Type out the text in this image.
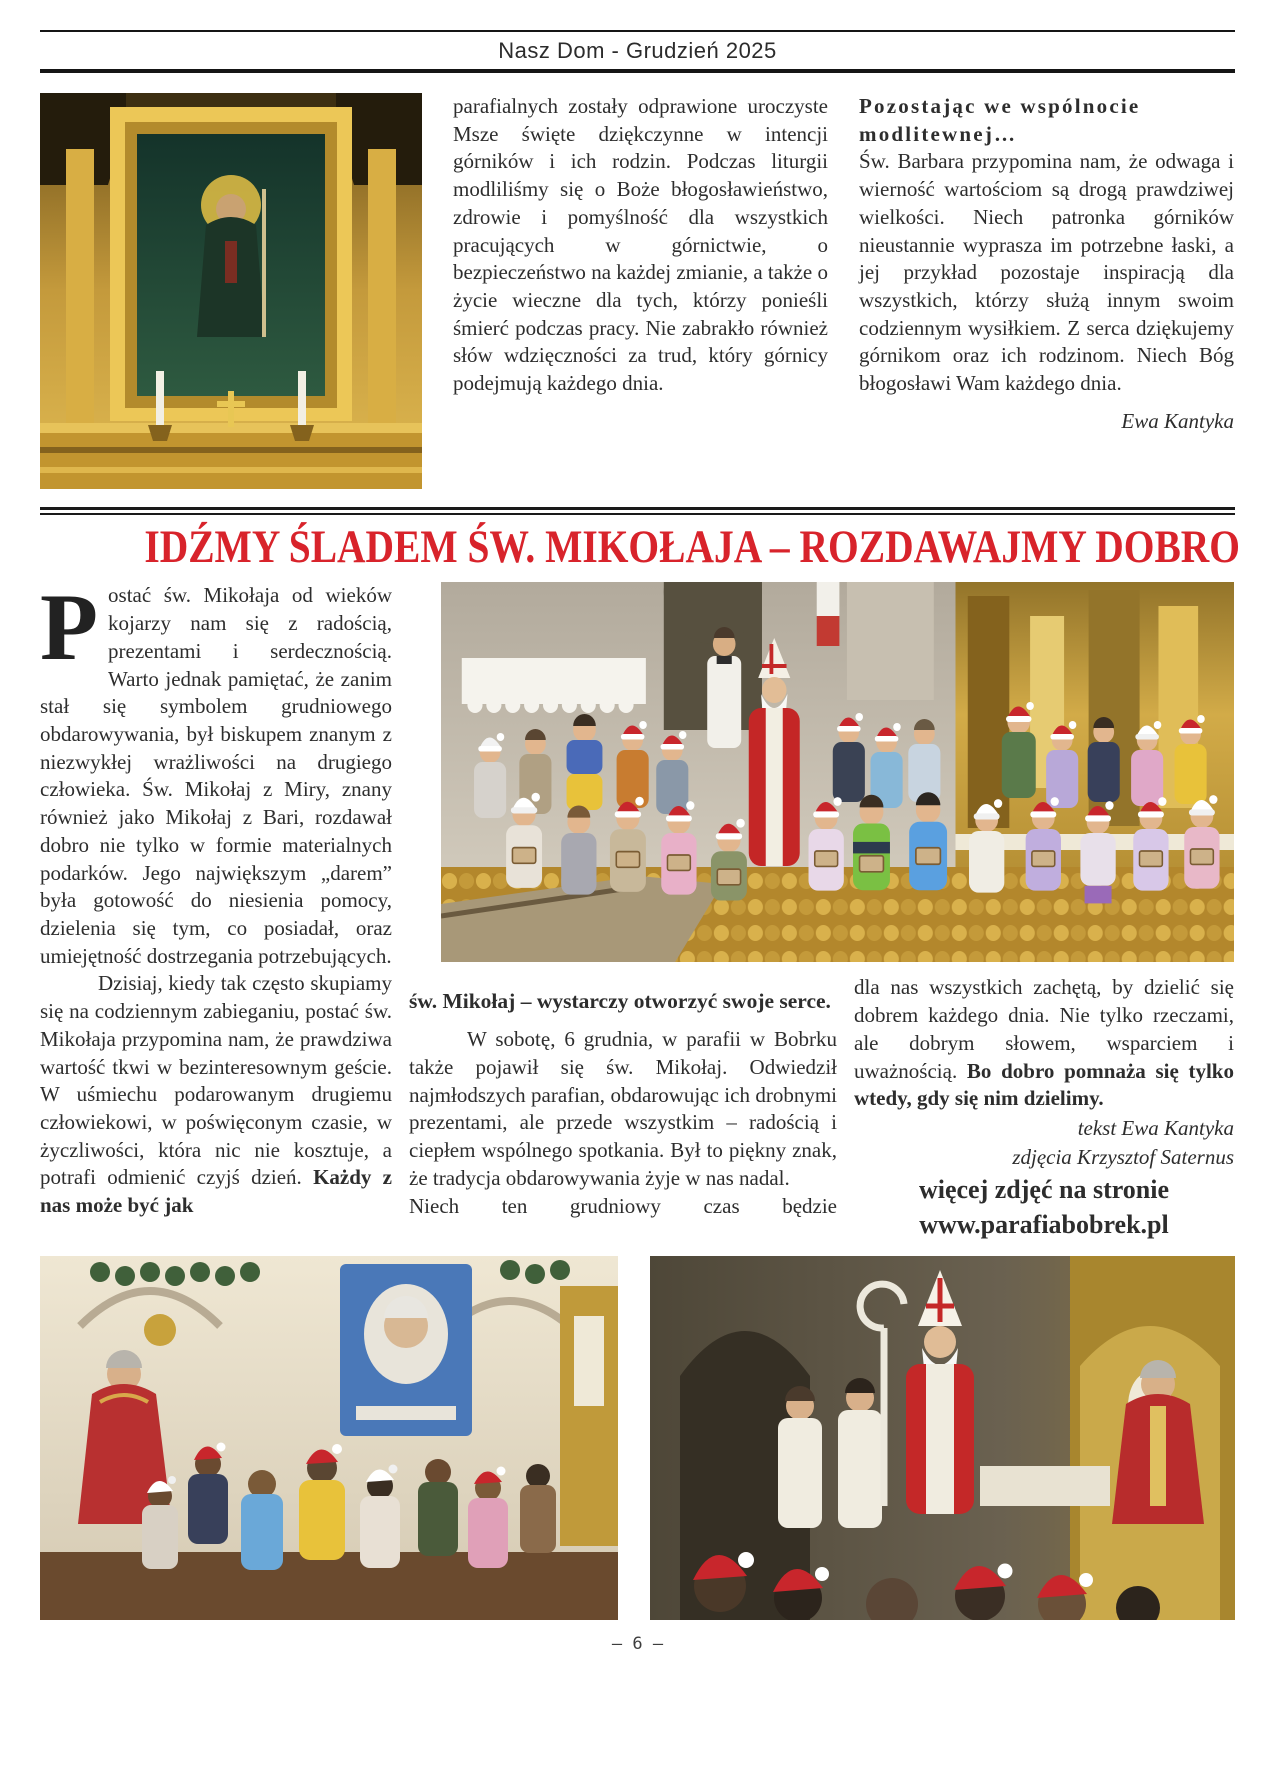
Nasz Dom - Grudzień 2025

parafialnych zostały odprawione uroczyste Msze święte dziękczynne w intencji górników i ich rodzin. Podczas liturgii modliliśmy się o Boże błogosławieństwo, zdrowie i pomyślność dla wszystkich pracujących w górnictwie, o bezpieczeństwo na każdej zmianie, a także o życie wieczne dla tych, którzy ponieśli śmierć podczas pracy. Nie zabrakło również słów wdzięczności za trud, który górnicy podejmują każdego dnia.

Pozostając we wspólnocie modlitewnej…

Św. Barbara przypomina nam, że odwaga i wierność wartościom są drogą prawdziwej wielkości. Niech patronka górników nieustannie wyprasza im potrzebne łaski, a jej przykład pozostaje inspiracją dla wszystkich, którzy służą innym swoim codziennym wysiłkiem. Z serca dziękujemy górnikom oraz ich rodzinom. Niech Bóg błogosławi Wam każdego dnia.

Ewa Kantyka

IDŹMY ŚLADEM ŚW. MIKOŁAJA – ROZDAWAJMY DOBRO

Postać św. Mikołaja od wieków kojarzy nam się z radością, prezentami i serdecznością. Warto jednak pamiętać, że zanim stał się symbolem grudniowego obdarowywania, był biskupem znanym z niezwykłej wrażliwości na drugiego człowieka. Św. Mikołaj z Miry, znany również jako Mikołaj z Bari, rozdawał dobro nie tylko w formie materialnych podarków. Jego największym „darem” była gotowość do niesienia pomocy, dzielenia się tym, co posiadał, oraz umiejętność dostrzegania potrzebujących.

Dzisiaj, kiedy tak często skupiamy się na codziennym zabieganiu, postać św. Mikołaja przypomina nam, że prawdziwa wartość tkwi w bezinteresownym geście. W uśmiechu podarowanym drugiemu człowiekowi, w poświęconym czasie, w życzliwości, która nic nie kosztuje, a potrafi odmienić czyjś dzień. Każdy z nas może być jak

św. Mikołaj – wystarczy otworzyć swoje serce.

W sobotę, 6 grudnia, w parafii w Bobrku także pojawił się św. Mikołaj. Odwiedził najmłodszych parafian, obdarowując ich drobnymi prezentami, ale przede wszystkim – radością i ciepłem wspólnego spotkania. Był to piękny znak, że tradycja obdarowywania żyje w nas nadal.

Niech ten grudniowy czas będzie

dla nas wszystkich zachętą, by dzielić się dobrem każdego dnia. Nie tylko rzeczami, ale dobrym słowem, wsparciem i uważnością. Bo dobro pomnaża się tylko wtedy, gdy się nim dzielimy.

tekst Ewa Kantyka

zdjęcia Krzysztof Saternus

więcej zdjęć na stronie
www.parafiabobrek.pl

– 6 –
